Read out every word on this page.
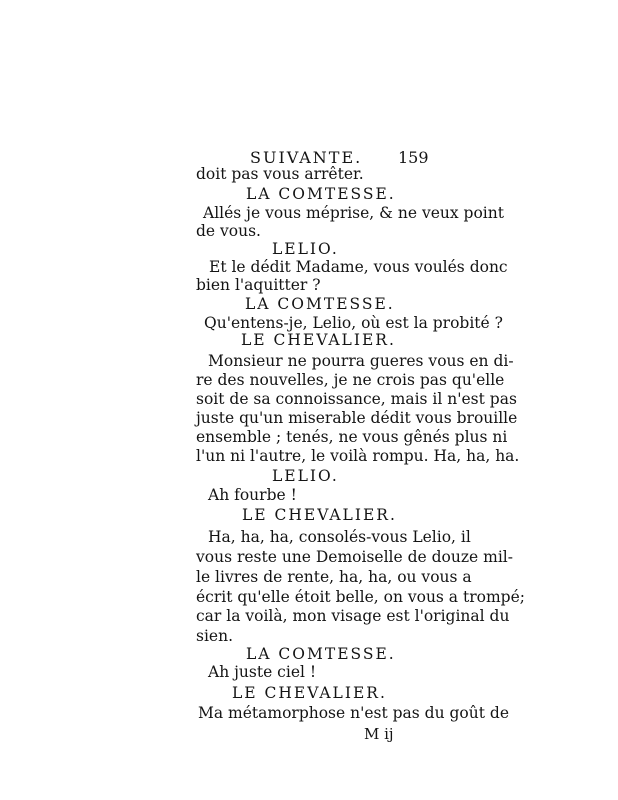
SUIVANTE. 159
doit pas vous arrêter.
LA COMTESSE.
Allés je vous méprise, & ne veux point
de vous.
LELIO.
Et le dédit Madame, vous voulés donc
bien l'aquitter ?
LA COMTESSE.
Qu'entens-je, Lelio, où est la probité ?
LE CHEVALIER.
Monsieur ne pourra gueres vous en di-
re des nouvelles, je ne crois pas qu'elle
soit de sa connoissance, mais il n'est pas
juste qu'un miserable dédit vous brouille
ensemble ; tenés, ne vous gênés plus ni
l'un ni l'autre, le voilà rompu. Ha, ha, ha.
LELIO.
Ah fourbe !
LE CHEVALIER.
Ha, ha, ha, consolés-vous Lelio, il
vous reste une Demoiselle de douze mil-
le livres de rente, ha, ha, ou vous a
écrit qu'elle étoit belle, on vous a trompé;
car la voilà, mon visage est l'original du
sien.
LA COMTESSE.
Ah juste ciel !
LE CHEVALIER.
Ma métamorphose n'est pas du goût de
M ij
